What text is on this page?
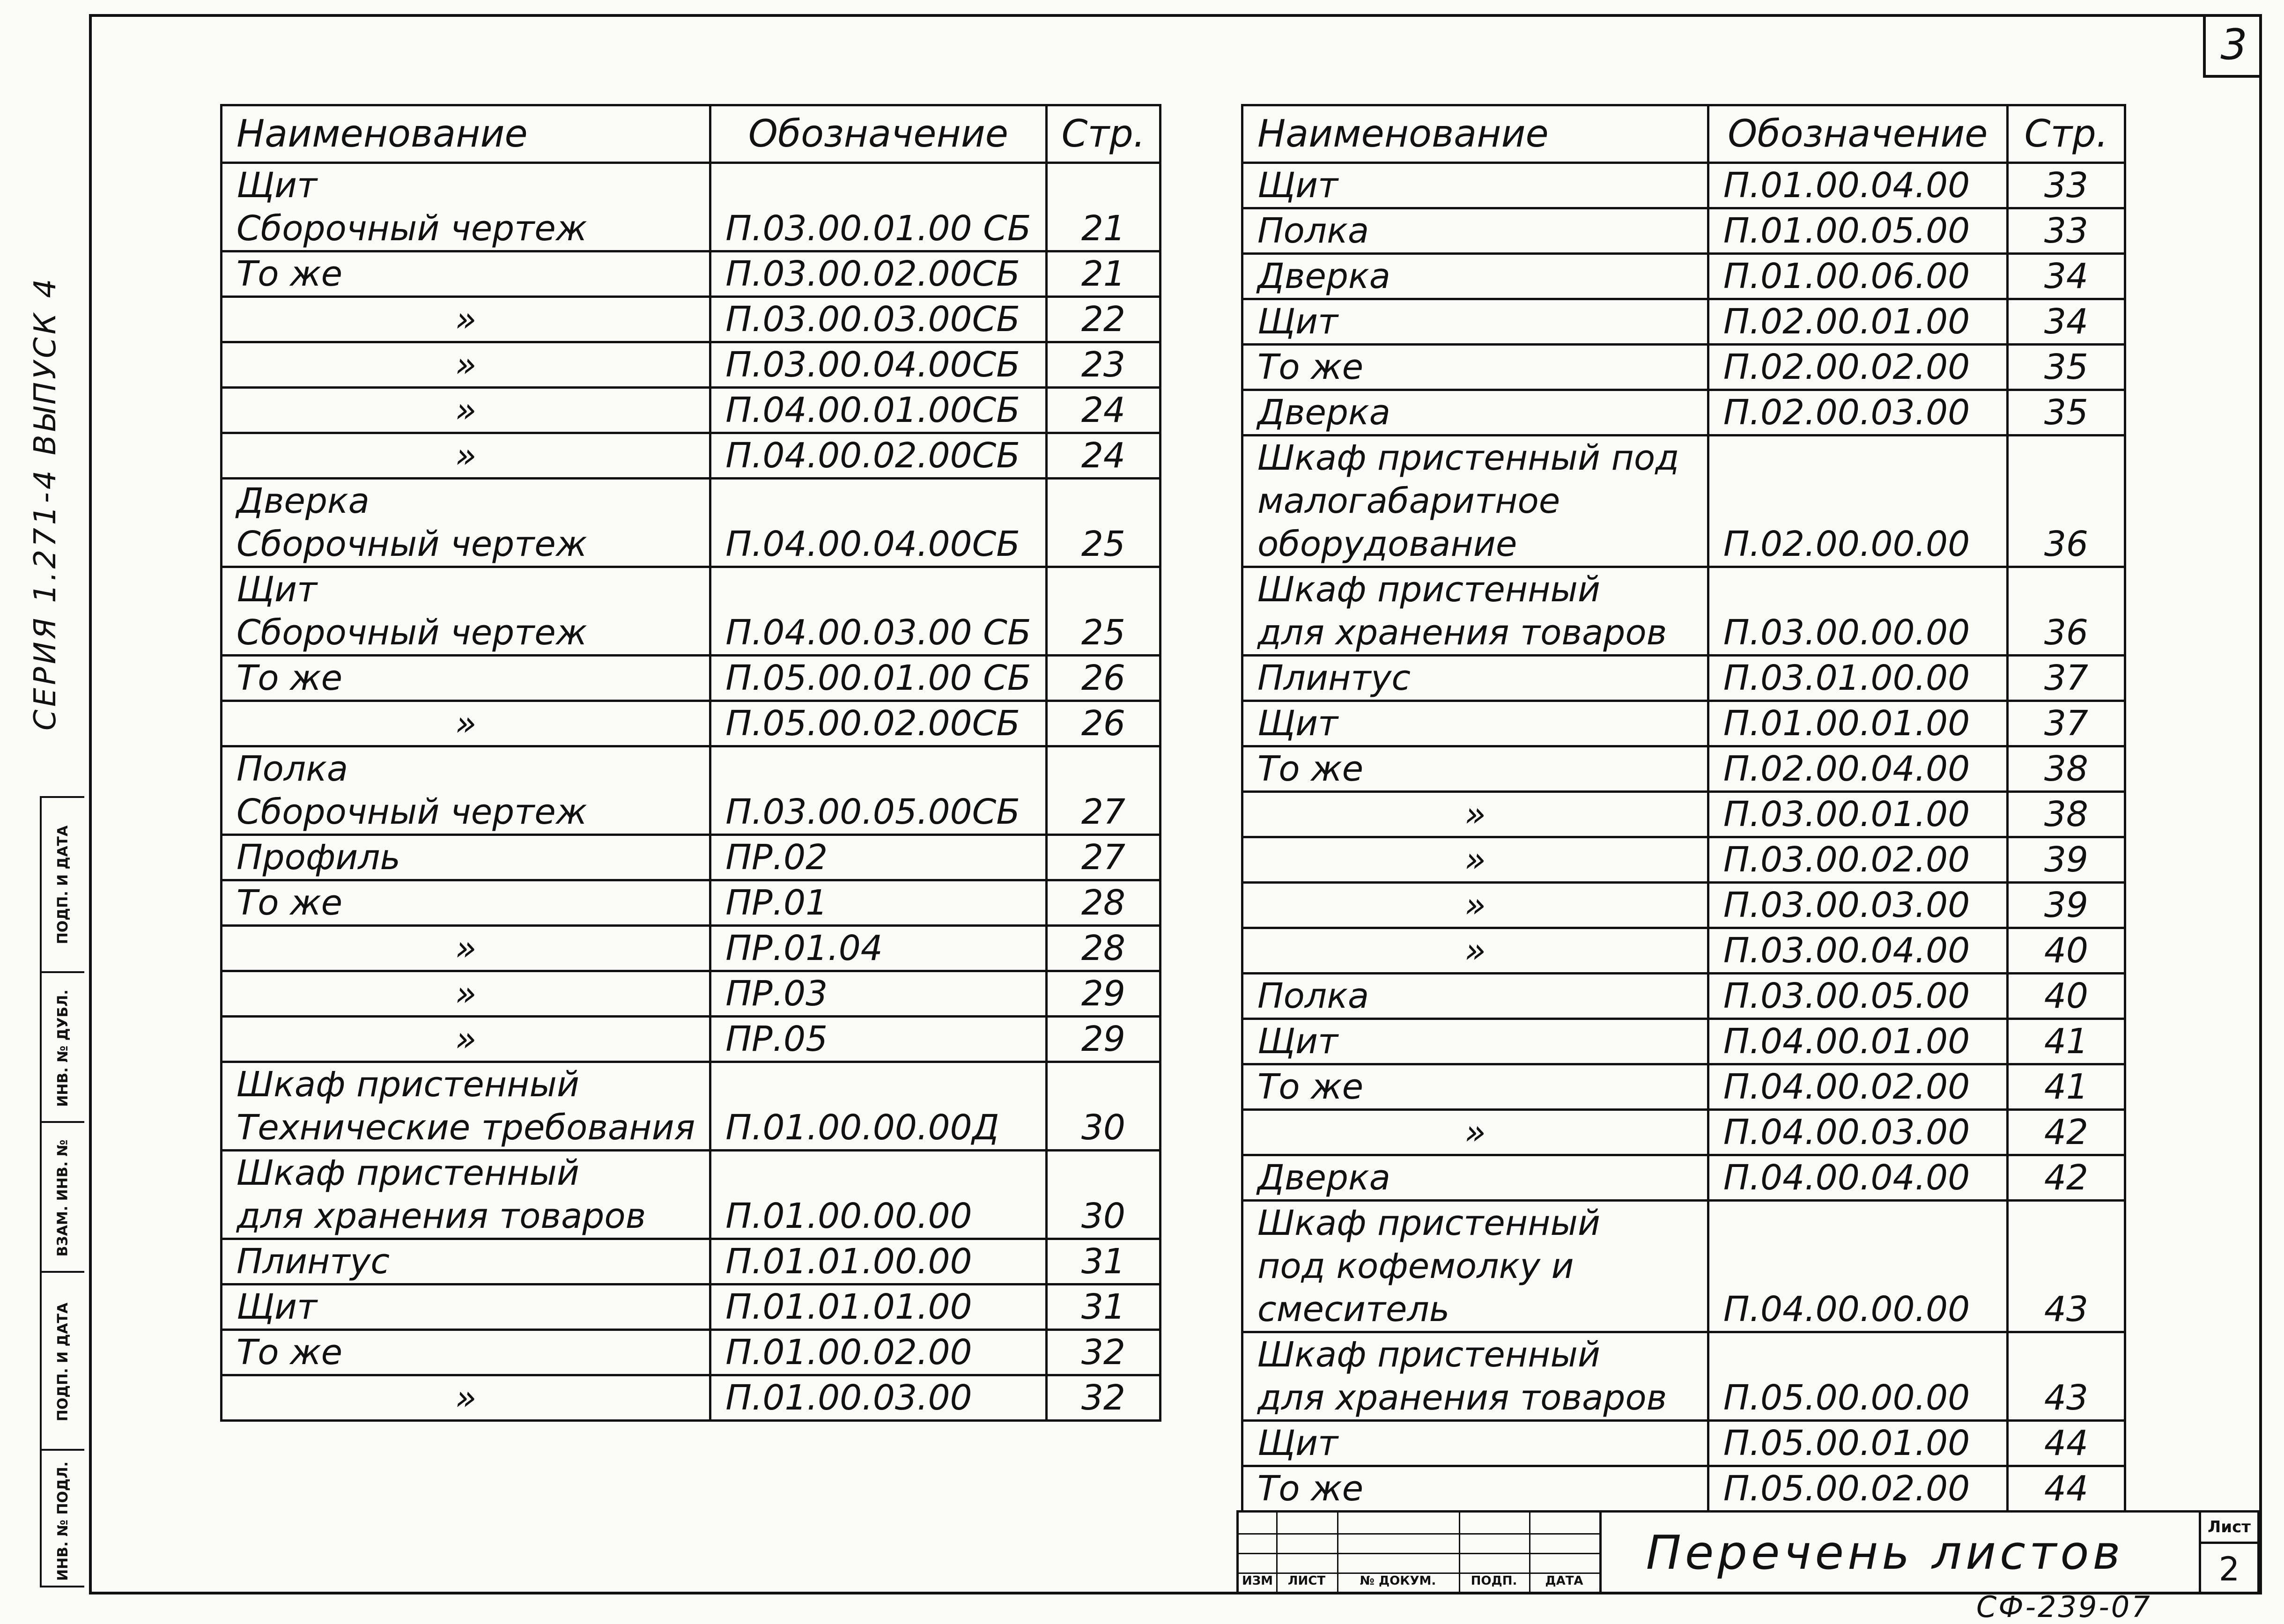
3
СЕРИЯ 1.271-4 ВЫПУСК 4
ИНВ. № ПОДЛ.
ПОДП. И ДАТА
ВЗАМ. ИНВ. №
ИНВ. № ДУБЛ.
ПОДП. И ДАТА
Наименование	Обозначение	Стр.
Щит		
Сборочный чертеж	П.03.00.01.00 СБ	21
То же	П.03.00.02.00СБ	21
»	П.03.00.03.00СБ	22
»	П.03.00.04.00СБ	23
»	П.04.00.01.00СБ	24
»	П.04.00.02.00СБ	24
Дверка		
Сборочный чертеж	П.04.00.04.00СБ	25
Щит		
Сборочный чертеж	П.04.00.03.00 СБ	25
То же	П.05.00.01.00 СБ	26
»	П.05.00.02.00СБ	26
Полка		
Сборочный чертеж	П.03.00.05.00СБ	27
Профиль	ПР.02	27
То же	ПР.01	28
»	ПР.01.04	28
»	ПР.03	29
»	ПР.05	29
Шкаф пристенный		
Технические требования	П.01.00.00.00Д	30
Шкаф пристенный		
для хранения товаров	П.01.00.00.00	30
Плинтус	П.01.01.00.00	31
Щит	П.01.01.01.00	31
То же	П.01.00.02.00	32
»	П.01.00.03.00	32
Наименование	Обозначение	Стр.
Щит	П.01.00.04.00	33
Полка	П.01.00.05.00	33
Дверка	П.01.00.06.00	34
Щит	П.02.00.01.00	34
То же	П.02.00.02.00	35
Дверка	П.02.00.03.00	35
Шкаф пристенный под		
малогабаритное		
оборудование	П.02.00.00.00	36
Шкаф пристенный		
для хранения товаров	П.03.00.00.00	36
Плинтус	П.03.01.00.00	37
Щит	П.01.00.01.00	37
То же	П.02.00.04.00	38
»	П.03.00.01.00	38
»	П.03.00.02.00	39
»	П.03.00.03.00	39
»	П.03.00.04.00	40
Полка	П.03.00.05.00	40
Щит	П.04.00.01.00	41
То же	П.04.00.02.00	41
»	П.04.00.03.00	42
Дверка	П.04.00.04.00	42
Шкаф пристенный		
под кофемолку и		
смеситель	П.04.00.00.00	43
Шкаф пристенный		
для хранения товаров	П.05.00.00.00	43
Щит	П.05.00.01.00	44
То же	П.05.00.02.00	44
ИЗМ	ЛИСТ	№ ДОКУМ.	ПОДП.	ДАТА
Перечень листов	Лист
2
СФ-239-07
